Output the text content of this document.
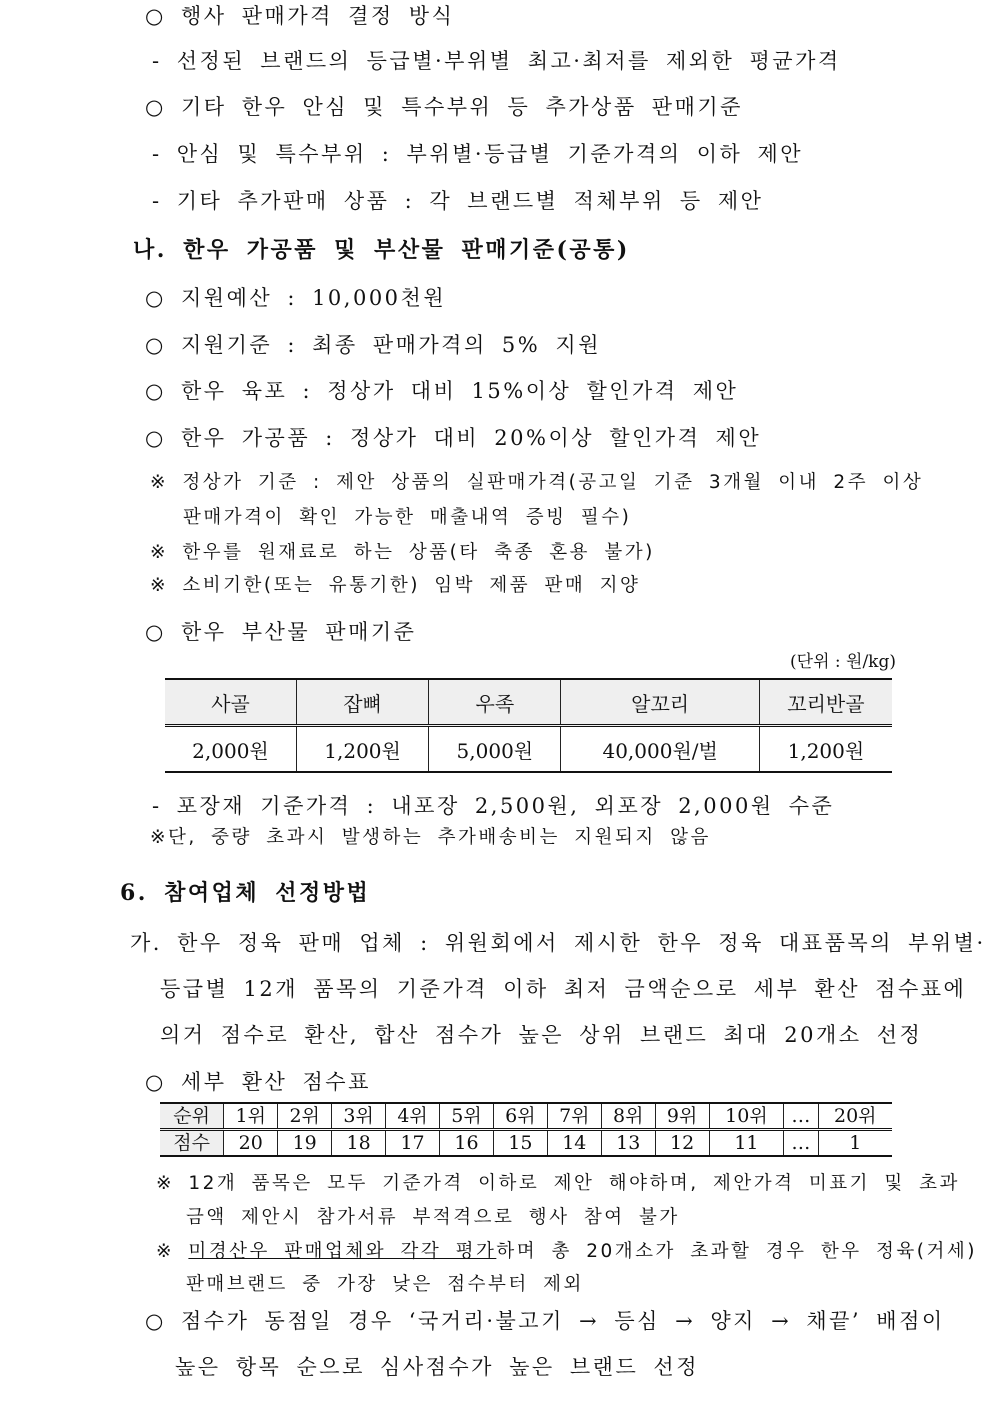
○ 행사 판매가격 결정 방식
- 선정된 브랜드의 등급별·부위별 최고·최저를 제외한 평균가격
○ 기타 한우 안심 및 특수부위 등 추가상품 판매기준
- 안심 및 특수부위 : 부위별·등급별 기준가격의 이하 제안
- 기타 추가판매 상품 : 각 브랜드별 적체부위 등 제안
나. 한우 가공품 및 부산물 판매기준(공통)
○ 지원예산 : 10,000천원
○ 지원기준 : 최종 판매가격의 5% 지원
○ 한우 육포 : 정상가 대비 15%이상 할인가격 제안
○ 한우 가공품 : 정상가 대비 20%이상 할인가격 제안
※ 정상가 기준 : 제안 상품의 실판매가격(공고일 기준 3개월 이내 2주 이상
판매가격이 확인 가능한 매출내역 증빙 필수)
※ 한우를 원재료로 하는 상품(타 축종 혼용 불가)
※ 소비기한(또는 유통기한) 임박 제품 판매 지양
○ 한우 부산물 판매기준
(단위 : 원/kg)
사골	잡뼈	우족	알꼬리	꼬리반골
2,000원	1,200원	5,000원	40,000원/벌	1,200원
- 포장재 기준가격 : 내포장 2,500원, 외포장 2,000원 수준
※단, 중량 초과시 발생하는 추가배송비는 지원되지 않음
6. 참여업체 선정방법
가. 한우 정육 판매 업체 : 위원회에서 제시한 한우 정육 대표품목의 부위별·
등급별 12개 품목의 기준가격 이하 최저 금액순으로 세부 환산 점수표에
의거 점수로 환산, 합산 점수가 높은 상위 브랜드 최대 20개소 선정
○ 세부 환산 점수표
순위	1위	2위	3위	4위	5위	6위	7위	8위	9위	10위	…	20위
점수	20	19	18	17	16	15	14	13	12	11	…	1
※ 12개 품목은 모두 기준가격 이하로 제안 해야하며, 제안가격 미표기 및 초과
금액 제안시 참가서류 부적격으로 행사 참여 불가
※ 미경산우 판매업체와 각각 평가하며 총 20개소가 초과할 경우 한우 정육(거세)
판매브랜드 중 가장 낮은 점수부터 제외
○ 점수가 동점일 경우 ‘국거리·불고기 → 등심 → 양지 → 채끝’ 배점이
높은 항목 순으로 심사점수가 높은 브랜드 선정
